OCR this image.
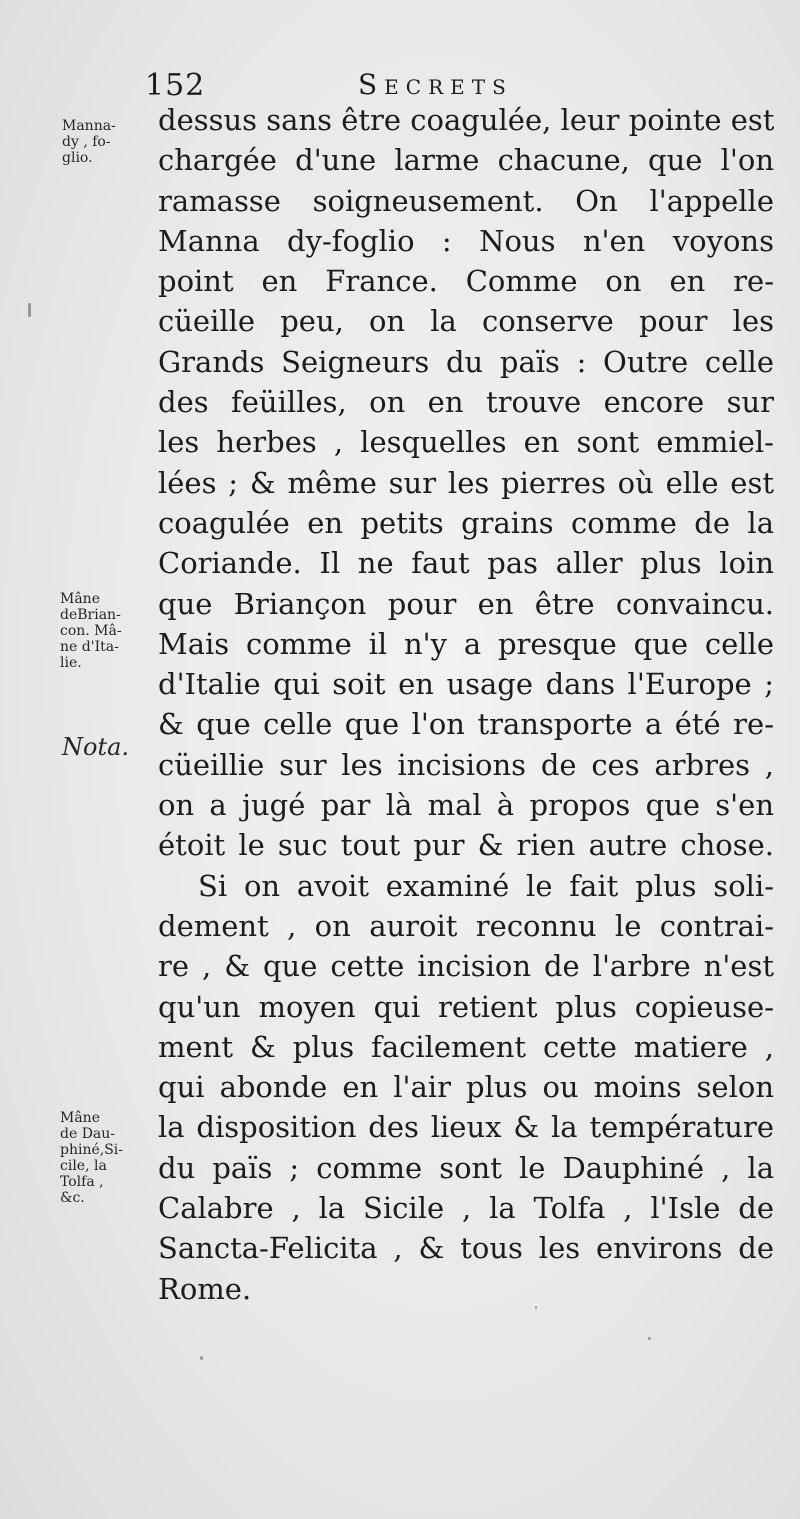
152	Secrets
Manna-
dy , fo-
glio.
Mâne
deBrian-
con. Mâ-
ne d'Ita-
lie.
Nota.
Mâne
de Dau-
phiné,Si-
cile, la
Tolfa ,
&c.
dessus sans être coagulée, leur pointe est
chargée d'une larme chacune, que l'on
ramasse soigneusement. On l'appelle
Manna dy-foglio : Nous n'en voyons
point en France. Comme on en re-
cüeille peu, on la conserve pour les
Grands Seigneurs du païs : Outre celle
des feüilles, on en trouve encore sur
les herbes , lesquelles en sont emmiel-
lées ; & même sur les pierres où elle est
coagulée en petits grains comme de la
Coriande. Il ne faut pas aller plus loin
que Briançon pour en être convaincu.
Mais comme il n'y a presque que celle
d'Italie qui soit en usage dans l'Europe ;
& que celle que l'on transporte a été re-
cüeillie sur les incisions de ces arbres ,
on a jugé par là mal à propos que s'en
étoit le suc tout pur & rien autre chose.
Si on avoit examiné le fait plus soli-
dement , on auroit reconnu le contrai-
re , & que cette incision de l'arbre n'est
qu'un moyen qui retient plus copieuse-
ment & plus facilement cette matiere ,
qui abonde en l'air plus ou moins selon
la disposition des lieux & la température
du païs ; comme sont le Dauphiné , la
Calabre , la Sicile , la Tolfa , l'Isle de
Sancta-Felicita , & tous les environs de
Rome.
